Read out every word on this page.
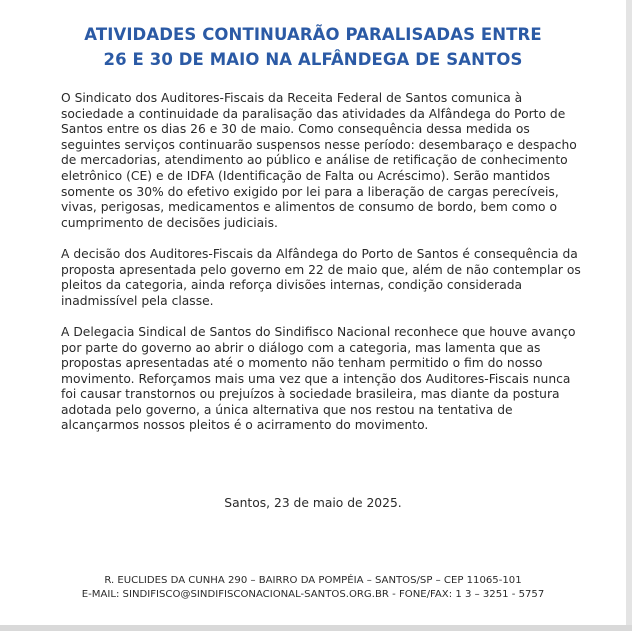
ATIVIDADES CONTINUARÃO PARALISADAS ENTRE
26 E 30 DE MAIO NA ALFÂNDEGA DE SANTOS

O Sindicato dos Auditores-Fiscais da Receita Federal de Santos comunica à sociedade a continuidade da paralisação das atividades da Alfândega do Porto de Santos entre os dias 26 e 30 de maio. Como consequência dessa medida os seguintes serviços continuarão suspensos nesse período: desembaraço e despacho de mercadorias, atendimento ao público e análise de retificação de conhecimento eletrônico (CE) e de IDFA (Identificação de Falta ou Acréscimo). Serão mantidos somente os 30% do efetivo exigido por lei para a liberação de cargas perecíveis, vivas, perigosas, medicamentos e alimentos de consumo de bordo, bem como o cumprimento de decisões judiciais.

A decisão dos Auditores-Fiscais da Alfândega do Porto de Santos é consequência da proposta apresentada pelo governo em 22 de maio que, além de não contemplar os pleitos da categoria, ainda reforça divisões internas, condição considerada inadmissível pela classe.

A Delegacia Sindical de Santos do Sindifisco Nacional reconhece que houve avanço por parte do governo ao abrir o diálogo com a categoria, mas lamenta que as propostas apresentadas até o momento não tenham permitido o fim do nosso movimento. Reforçamos mais uma vez que a intenção dos Auditores-Fiscais nunca foi causar transtornos ou prejuízos à sociedade brasileira, mas diante da postura adotada pelo governo, a única alternativa que nos restou na tentativa de alcançarmos nossos pleitos é o acirramento do movimento.

Santos, 23 de maio de 2025.
R. EUCLIDES DA CUNHA 290 – BAIRRO DA POMPÉIA – SANTOS/SP – CEP 11065-101
E-MAIL: SINDIFISCO@SINDIFISCONACIONAL-SANTOS.ORG.BR - FONE/FAX: 1 3 – 3251 - 5757
